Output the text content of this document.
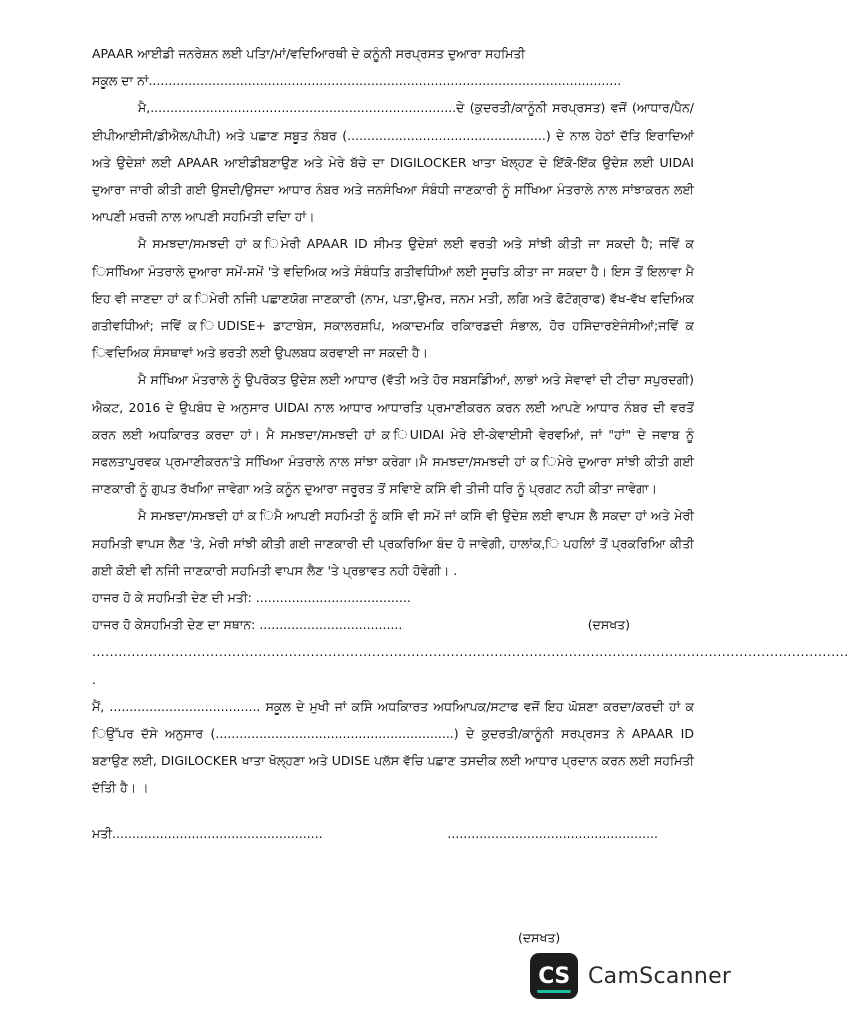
APAAR ਆਈਡੀ ਜਨਰੇਸ਼ਨ ਲਈ ਪਤਿਾ/ਮਾਂ/ਵਦਿਆਿਰਥੀ ਦੇ ਕਨੂੰਨੀ ਸਰਪ੍ਰਸਤ ਦੁਆਰਾ ਸਹਮਿਤੀ
ਸਕੂਲ ਦਾ ਨਾਂ.......................................................................................................................

ਮੈ,.............................................................................ਦੇ (ਕੁਦਰਤੀ/ਕਾਨੂੰਨੀ ਸਰਪ੍ਰਸਤ) ਵਜੋਂ (ਆਧਾਰ/ਪੈਨ/ਈਪੀਆਈਸੀ/ਡੀਐਲ/ਪੀਪੀ) ਅਤੇ ਪਛਾਣ ਸਬੂਤ ਨੰਬਰ (..................................................) ਦੇ ਨਾਲ ਹੇਠਾਂ ਦੱਤਿ ਇਰਾਦਿਆਂ ਅਤੇ ਉਦੇਸ਼ਾਂ ਲਈ APAAR ਆਈਡੀਬਣਾਉਣ ਅਤੇ ਮੇਰੇ ਬੱਚੇ ਦਾ DIGILOCKER ਖਾਤਾ ਖੋਲ੍ਹਣ ਦੇ ਇੱਕੋ-ਇੱਕ ਉਦੇਸ਼ ਲਈ UIDAI ਦੁਆਰਾ ਜਾਰੀ ਕੀਤੀ ਗਈ ਉਸਦੀ/ਉਸਦਾ ਆਧਾਰ ਨੰਬਰ ਅਤੇ ਜਨਸੰਖਿਆ ਸੰਬੰਧੀ ਜਾਣਕਾਰੀ ਨੂੰ ਸਖਿਿਆ ਮੰਤਰਾਲੇ ਨਾਲ ਸਾਂਝਾਕਰਨ ਲਈ ਆਪਣੀ ਮਰਜ਼ੀ ਨਾਲ ਆਪਣੀ ਸਹਮਿਤੀ ਦਦਿਾ ਹਾਂ।

ਮੈ ਸਮਝਦਾ/ਸਮਝਦੀ ਹਾਂ ਕ ਿਮੇਰੀ APAAR ID ਸੀਮਤ ਉਦੇਸ਼ਾਂ ਲਈ ਵਰਤੀ ਅਤੇ ਸਾਂਝੀ ਕੀਤੀ ਜਾ ਸਕਦੀ ਹੈ; ਜਵਿੇਂ ਕ ਿਸਖਿਿਆ ਮੰਤਰਾਲੇ ਦੁਆਰਾ ਸਮੇਂ-ਸਮੇਂ 'ਤੇ ਵਦਿਅਿਕ ਅਤੇ ਸੰਬੰਧਤਿ ਗਤੀਵਧੀਿਆਂ ਲਈ ਸੂਚਤਿ ਕੀਤਾ ਜਾ ਸਕਦਾ ਹੈ। ਇਸ ਤੋਂ ਇਲਾਵਾ ਮੈ ਇਹ ਵੀ ਜਾਣਦਾ ਹਾਂ ਕ ਿਮੇਰੀ ਨਜੀਿ ਪਛਾਣਯੋਗ ਜਾਣਕਾਰੀ (ਨਾਮ, ਪਤਾ,ਉਮਰ, ਜਨਮ ਮਤੀ, ਲਗਿ ਅਤੇ ਫੋਟੋਗ੍ਰਾਫ) ਵੱਖ-ਵੱਖ ਵਦਿਅਿਕ ਗਤੀਵਧੀਿਆਂ; ਜਵਿੇਂ ਕ ਿUDISE+ ਡਾਟਾਬੇਸ, ਸਕਾਲਰਸ਼ਪਿ, ਅਕਾਦਮਕਿ ਰਕਿਾਰਡਦੀ ਸੰਭਾਲ, ਹੋਰ ਹਸਿੇਦਾਰਏਜੰਸੀਆਂ;ਜਵਿੇਂ ਕ ਿਵਦਿਅਿਕ ਸੰਸਥਾਵਾਂ ਅਤੇ ਭਰਤੀ ਲਈ ਉਪਲਬਧ ਕਰਵਾਈ ਜਾ ਸਕਦੀ ਹੈ।

ਮੈ ਸਖਿਿਆ ਮੰਤਰਾਲੇ ਨੂੰ ਉਪਰੋਕਤ ਉਦੇਸ਼ ਲਈ ਆਧਾਰ (ਵੱਤੀ ਅਤੇ ਹੋਰ ਸਬਸਡੀਿਆਂ, ਲਾਭਾਂ ਅਤੇ ਸੇਵਾਵਾਂ ਦੀ ਟੀਚਾ ਸਪੁਰਦਗੀ) ਐਕਟ, 2016 ਦੇ ਉਪਬੰਧ ਦੇ ਅਨੁਸਾਰ UIDAI ਨਾਲ ਆਧਾਰ ਆਧਾਰਤਿ ਪ੍ਰਮਾਣੀਕਰਨ ਕਰਨ ਲਈ ਆਪਣੇ ਆਧਾਰ ਨੰਬਰ ਦੀ ਵਰਤੋਂ ਕਰਨ ਲਈ ਅਧਕਿਾਰਤ ਕਰਦਾ ਹਾਂ। ਮੈ ਸਮਝਦਾ/ਸਮਝਦੀ ਹਾਂ ਕ ਿUIDAI ਮੇਰੇ ਈ-ਕੇਵਾਈਸੀ ਵੇਰਵਆਿਂ, ਜਾਂ "ਹਾਂ" ਦੇ ਜਵਾਬ ਨੂੰ ਸਫਲਤਾਪੂਰਵਕ ਪ੍ਰਮਾਣੀਕਰਨ'ਤੇ ਸਖਿਿਆ ਮੰਤਰਾਲੇ ਨਾਲ ਸਾਂਝਾ ਕਰੇਗਾ।ਮੈ ਸਮਝਦਾ/ਸਮਝਦੀ ਹਾਂ ਕ ਿਮੇਰੇ ਦੁਆਰਾ ਸਾਂਝੀ ਕੀਤੀ ਗਈ ਜਾਣਕਾਰੀ ਨੂੰ ਗੁਪਤ ਰੱਖਆਿ ਜਾਵੇਗਾ ਅਤੇ ਕਨੂੰਨ ਦੁਆਰਾ ਜਰੂਰਤ ਤੋਂ ਸਵਿਾਏ ਕਸਿੇ ਵੀ ਤੀਜੀ ਧਰਿ ਨੂੰ ਪ੍ਰਗਟ ਨਹੀ ਕੀਤਾ ਜਾਵੇਗਾ।

ਮੈ ਸਮਝਦਾ/ਸਮਝਦੀ ਹਾਂ ਕ ਿਮੈ ਆਪਣੀ ਸਹਮਿਤੀ ਨੂੰ ਕਸਿੇ ਵੀ ਸਮੇਂ ਜਾਂ ਕਸਿੇ ਵੀ ਉਦੇਸ਼ ਲਈ ਵਾਪਸ ਲੈ ਸਕਦਾ ਹਾਂ ਅਤੇ ਮੇਰੀ ਸਹਮਿਤੀ ਵਾਪਸ ਲੈਣ 'ਤੇ, ਮੇਰੀ ਸਾਂਝੀ ਕੀਤੀ ਗਈ ਜਾਣਕਾਰੀ ਦੀ ਪ੍ਰਕਰਿਆਿ ਬੰਦ ਹੋ ਜਾਵੇਗੀ, ਹਾਲਾਂਕ,ਿ ਪਹਲਿਾਂ ਤੋਂ ਪ੍ਰਕਰਿਆਿ ਕੀਤੀ ਗਈ ਕੋਈ ਵੀ ਨਜੀਿ ਜਾਣਕਾਰੀ ਸਹਮਿਤੀ ਵਾਪਸ ਲੈਣ 'ਤੇ ਪ੍ਰਭਾਵਤ ਨਹੀ ਹੋਵੇਗੀ। .

ਹਾਜਰ ਹੋ ਕੇ ਸਹਮਿਤੀ ਦੇਣ ਦੀ ਮਤੀ: .......................................
ਹਾਜਰ ਹੋ ਕੇਸਹਮਿਤੀ ਦੇਣ ਦਾ ਸਥਾਨ: ....................................	(ਦਸਖਤ)
.............................................................................................................................................................................
.

ਮੈਂ, ...................................... ਸਕੂਲ ਦੇ ਮੁਖੀ ਜਾਂ ਕਸਿੇ ਅਧਕਿਾਰਤ ਅਧਆਿਪਕ/ਸਟਾਫ ਵਜੋਂ ਇਹ ਘੋਸ਼ਣਾ ਕਰਦਾ/ਕਰਦੀ ਹਾਂ ਕ ਿਉੱਪਰ ਦੱਸੇ ਅਨੁਸਾਰ (............................................................) ਦੇ ਕੁਦਰਤੀ/ਕਾਨੂੰਨੀ ਸਰਪ੍ਰਸਤ ਨੇ APAAR ID ਬਣਾਉਣ ਲਈ, DIGILOCKER ਖਾਤਾ ਖੋਲ੍ਹਣਾ ਅਤੇ UDISE ਪਲੱਸ ਵੱਚਿ ਪਛਾਣ ਤਸਦੀਕ ਲਈ ਆਧਾਰ ਪ੍ਰਦਾਨ ਕਰਨ ਲਈ ਸਹਮਿਤੀ ਦੱਤਿੀ ਹੈ। ।

ਮਤੀ.....................................................	.....................................................
(ਦਸਖਤ)
CS CamScanner
